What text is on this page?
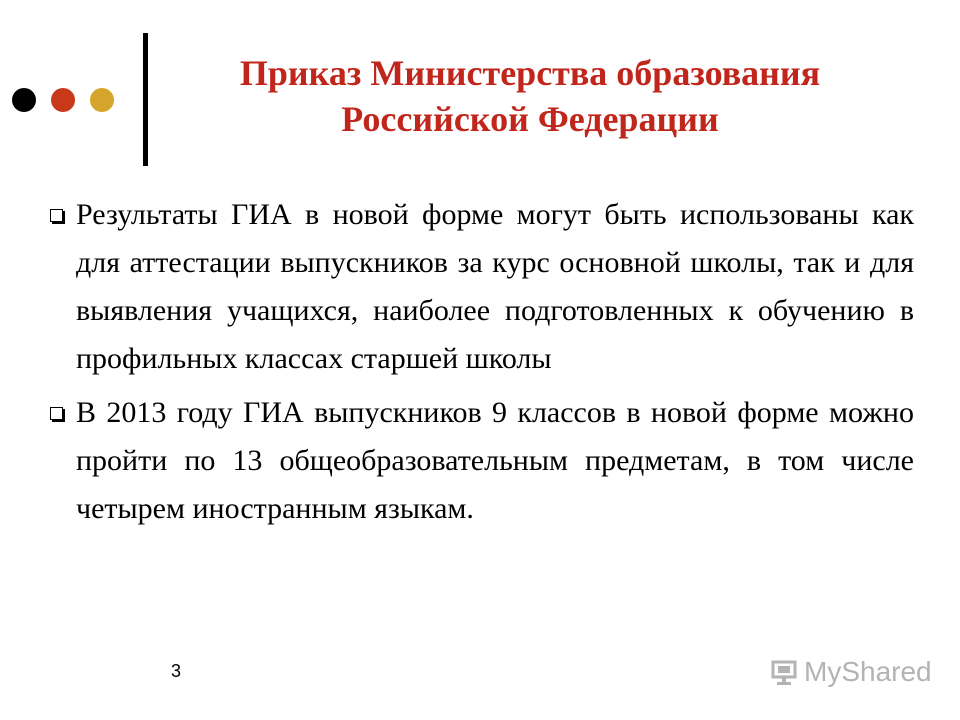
Приказ Министерства образования
Российской Федерации
Результаты ГИА в новой форме могут быть использованы как для аттестации выпускников за курс основной школы, так и для выявления учащихся, наиболее подготовленных к обучению в профильных классах старшей школы
В 2013 году ГИА выпускников 9 классов в новой форме можно пройти по 13 общеобразовательным предметам, в том числе четырем иностранным языкам.
3	MyShared
